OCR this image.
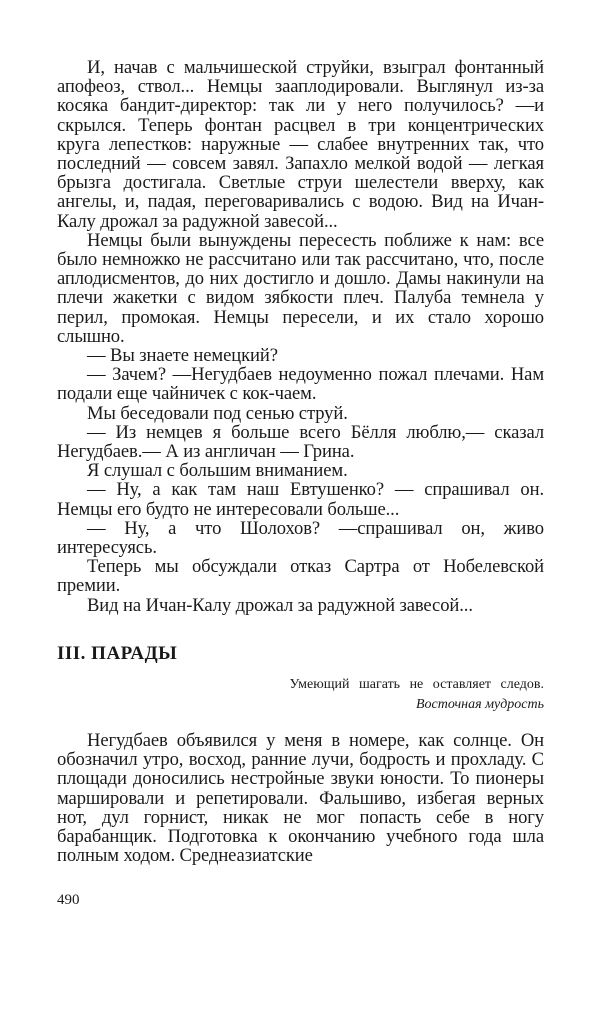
И, начав с мальчишеской струйки, взыграл фонтанный апофеоз, ствол... Немцы зааплодировали. Выглянул из-за косяка бандит-директор: так ли у него получилось? —и скрылся. Теперь фонтан расцвел в три концентрических круга лепестков: наружные — слабее внутренних так, что последний — совсем завял. Запахло мелкой водой — легкая брызга достигала. Светлые струи шелестели вверху, как ангелы, и, падая, переговаривались с водою. Вид на Ичан-Калу дрожал за радужной завесой...

Немцы были вынуждены пересесть поближе к нам: все было немножко не рассчитано или так рассчитано, что, после аплодисментов, до них достигло и дошло. Дамы накинули на плечи жакетки с видом зябкости плеч. Палуба темнела у перил, промокая. Немцы пересели, и их стало хорошо слышно.

— Вы знаете немецкий?

— Зачем? —Негудбаев недоуменно пожал плечами. Нам подали еще чайничек с кок-чаем.

Мы беседовали под сенью струй.

— Из немцев я больше всего Бёлля люблю,— сказал Негудбаев.— А из англичан — Грина.

Я слушал с большим вниманием.

— Ну, а как там наш Евтушенко? — спрашивал он. Немцы его будто не интересовали больше...

— Ну, а что Шолохов? —спрашивал он, живо интересуясь.

Теперь мы обсуждали отказ Сартра от Нобелевской премии.

Вид на Ичан-Калу дрожал за радужной завесой...

III. ПАРАДЫ
Умеющий шагать не оставляет следов.
Восточная мудрость

Негудбаев объявился у меня в номере, как солнце. Он обозначил утро, восход, ранние лучи, бодрость и прохладу. С площади доносились нестройные звуки юности. То пионеры маршировали и репетировали. Фальшиво, избегая верных нот, дул горнист, никак не мог попасть себе в ногу барабанщик. Подготовка к окончанию учебного года шла полным ходом. Среднеазиатские

490
